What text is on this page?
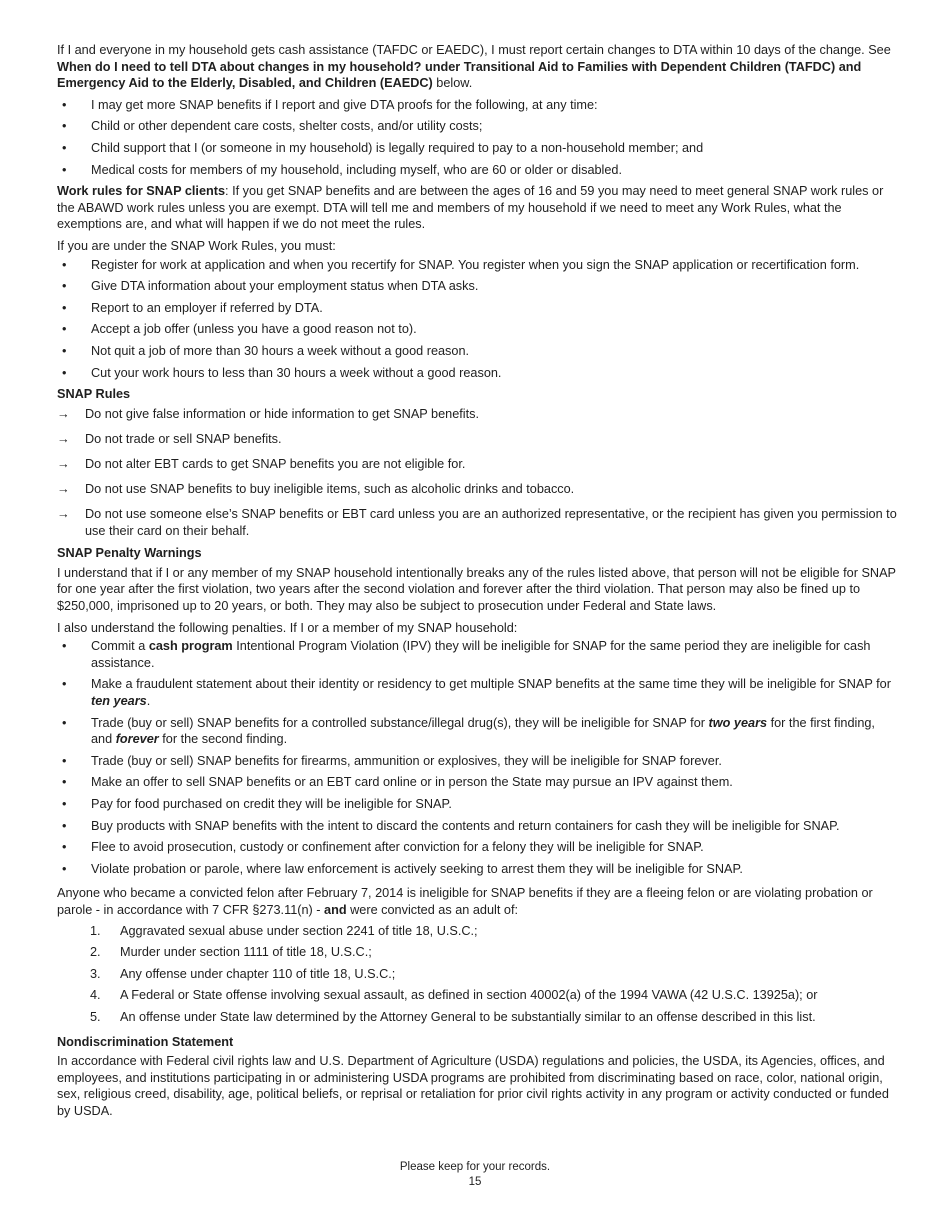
If I and everyone in my household gets cash assistance (TAFDC or EAEDC), I must report certain changes to DTA within 10 days of the change. See When do I need to tell DTA about changes in my household? under Transitional Aid to Families with Dependent Children (TAFDC) and Emergency Aid to the Elderly, Disabled, and Children (EAEDC) below.

• I may get more SNAP benefits if I report and give DTA proofs for the following, at any time:
• Child or other dependent care costs, shelter costs, and/or utility costs;
• Child support that I (or someone in my household) is legally required to pay to a non-household member; and
• Medical costs for members of my household, including myself, who are 60 or older or disabled.

Work rules for SNAP clients: If you get SNAP benefits and are between the ages of 16 and 59 you may need to meet general SNAP work rules or the ABAWD work rules unless you are exempt. DTA will tell me and members of my household if we need to meet any Work Rules, what the exemptions are, and what will happen if we do not meet the rules.

If you are under the SNAP Work Rules, you must:

• Register for work at application and when you recertify for SNAP. You register when you sign the SNAP application or recertification form.
• Give DTA information about your employment status when DTA asks.
• Report to an employer if referred by DTA.
• Accept a job offer (unless you have a good reason not to).
• Not quit a job of more than 30 hours a week without a good reason.
• Cut your work hours to less than 30 hours a week without a good reason.

SNAP Rules

→ Do not give false information or hide information to get SNAP benefits.
→ Do not trade or sell SNAP benefits.
→ Do not alter EBT cards to get SNAP benefits you are not eligible for.
→ Do not use SNAP benefits to buy ineligible items, such as alcoholic drinks and tobacco.
→ Do not use someone else’s SNAP benefits or EBT card unless you are an authorized representative, or the recipient has given you permission to use their card on their behalf.

SNAP Penalty Warnings

I understand that if I or any member of my SNAP household intentionally breaks any of the rules listed above, that person will not be eligible for SNAP for one year after the first violation, two years after the second violation and forever after the third violation. That person may also be fined up to $250,000, imprisoned up to 20 years, or both. They may also be subject to prosecution under Federal and State laws.

I also understand the following penalties. If I or a member of my SNAP household:

• Commit a cash program Intentional Program Violation (IPV) they will be ineligible for SNAP for the same period they are ineligible for cash assistance.
• Make a fraudulent statement about their identity or residency to get multiple SNAP benefits at the same time they will be ineligible for SNAP for ten years.
• Trade (buy or sell) SNAP benefits for a controlled substance/illegal drug(s), they will be ineligible for SNAP for two years for the first finding, and forever for the second finding.
• Trade (buy or sell) SNAP benefits for firearms, ammunition or explosives, they will be ineligible for SNAP forever.
• Make an offer to sell SNAP benefits or an EBT card online or in person the State may pursue an IPV against them.
• Pay for food purchased on credit they will be ineligible for SNAP.
• Buy products with SNAP benefits with the intent to discard the contents and return containers for cash they will be ineligible for SNAP.
• Flee to avoid prosecution, custody or confinement after conviction for a felony they will be ineligible for SNAP.
• Violate probation or parole, where law enforcement is actively seeking to arrest them they will be ineligible for SNAP.

Anyone who became a convicted felon after February 7, 2014 is ineligible for SNAP benefits if they are a fleeing felon or are violating probation or parole - in accordance with 7 CFR §273.11(n) - and were convicted as an adult of:

1. Aggravated sexual abuse under section 2241 of title 18, U.S.C.;
2. Murder under section 1111 of title 18, U.S.C.;
3. Any offense under chapter 110 of title 18, U.S.C.;
4. A Federal or State offense involving sexual assault, as defined in section 40002(a) of the 1994 VAWA (42 U.S.C. 13925a); or
5. An offense under State law determined by the Attorney General to be substantially similar to an offense described in this list.

Nondiscrimination Statement

In accordance with Federal civil rights law and U.S. Department of Agriculture (USDA) regulations and policies, the USDA, its Agencies, offices, and employees, and institutions participating in or administering USDA programs are prohibited from discriminating based on race, color, national origin, sex, religious creed, disability, age, political beliefs, or reprisal or retaliation for prior civil rights activity in any program or activity conducted or funded by USDA.

Please keep for your records.
15
